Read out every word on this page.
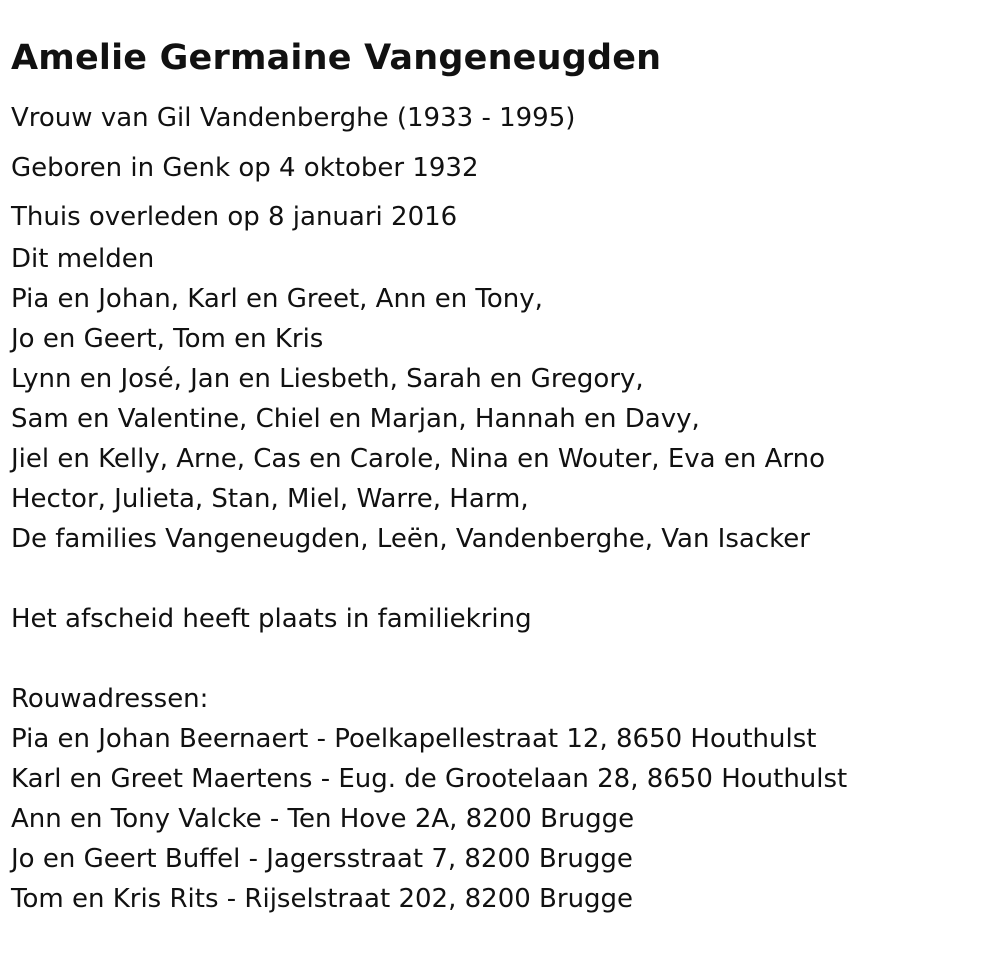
Amelie Germaine Vangeneugden
Vrouw van Gil Vandenberghe (1933 - 1995)
Geboren in Genk op 4 oktober 1932
Thuis overleden op 8 januari 2016
Dit melden
Pia en Johan, Karl en Greet, Ann en Tony,
Jo en Geert, Tom en Kris
Lynn en José, Jan en Liesbeth, Sarah en Gregory,
Sam en Valentine, Chiel en Marjan, Hannah en Davy,
Jiel en Kelly, Arne, Cas en Carole, Nina en Wouter, Eva en Arno
Hector, Julieta, Stan, Miel, Warre, Harm,
De families Vangeneugden, Leën, Vandenberghe, Van Isacker
Het afscheid heeft plaats in familiekring
Rouwadressen:
Pia en Johan Beernaert - Poelkapellestraat 12, 8650 Houthulst
Karl en Greet Maertens - Eug. de Grootelaan 28, 8650 Houthulst
Ann en Tony Valcke - Ten Hove 2A, 8200 Brugge
Jo en Geert Buffel - Jagersstraat 7, 8200 Brugge
Tom en Kris Rits - Rijselstraat 202, 8200 Brugge
